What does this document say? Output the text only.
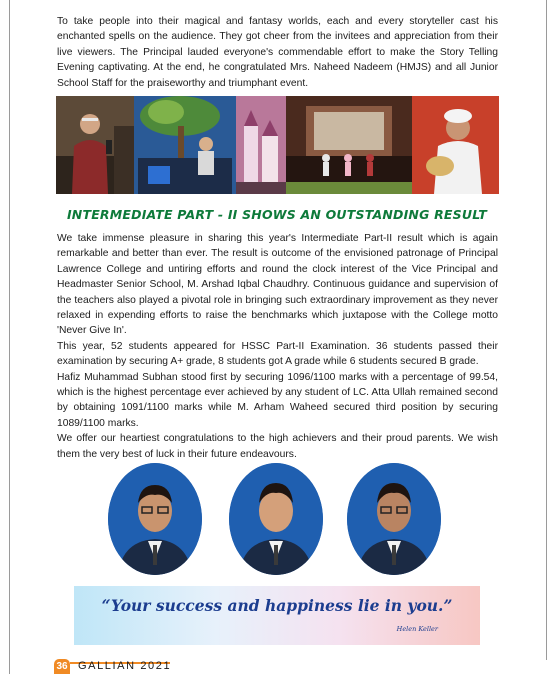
To take people into their magical and fantasy worlds, each and every storyteller cast his enchanted spells on the audience. They got cheer from the invitees and appreciation from their live viewers. The Principal lauded everyone's commendable effort to make the Story Telling Evening captivating. At the end, he congratulated Mrs. Naheed Nadeem (HMJS) and all Junior School Staff for the praiseworthy and triumphant event.
INTERMEDIATE PART - II SHOWS AN OUTSTANDING RESULT

We take immense pleasure in sharing this year's Intermediate Part-II result which is again remarkable and better than ever. The result is outcome of the envisioned patronage of Principal Lawrence College and untiring efforts and round the clock interest of the Vice Principal and Headmaster Senior School, M. Arshad Iqbal Chaudhry. Continuous guidance and supervision of the teachers also played a pivotal role in bringing such extraordinary improvement as they never relaxed in expending efforts to raise the benchmarks which juxtapose with the College motto 'Never Give In'.

This year, 52 students appeared for HSSC Part-II Examination. 36 students passed their examination by securing A+ grade, 8 students got A grade while 6 students secured B grade.

Hafiz Muhammad Subhan stood first by securing 1096/1100 marks with a percentage of 99.54, which is the highest percentage ever achieved by any student of LC. Atta Ullah remained second by obtaining 1091/1100 marks while M. Arham Waheed secured third position by securing 1089/1100 marks.

We offer our heartiest congratulations to the high achievers and their proud parents. We wish them the very best of luck in their future endeavours.

“Your success and happiness lie in you.”
Helen Keller
36 GALLIAN 2021
